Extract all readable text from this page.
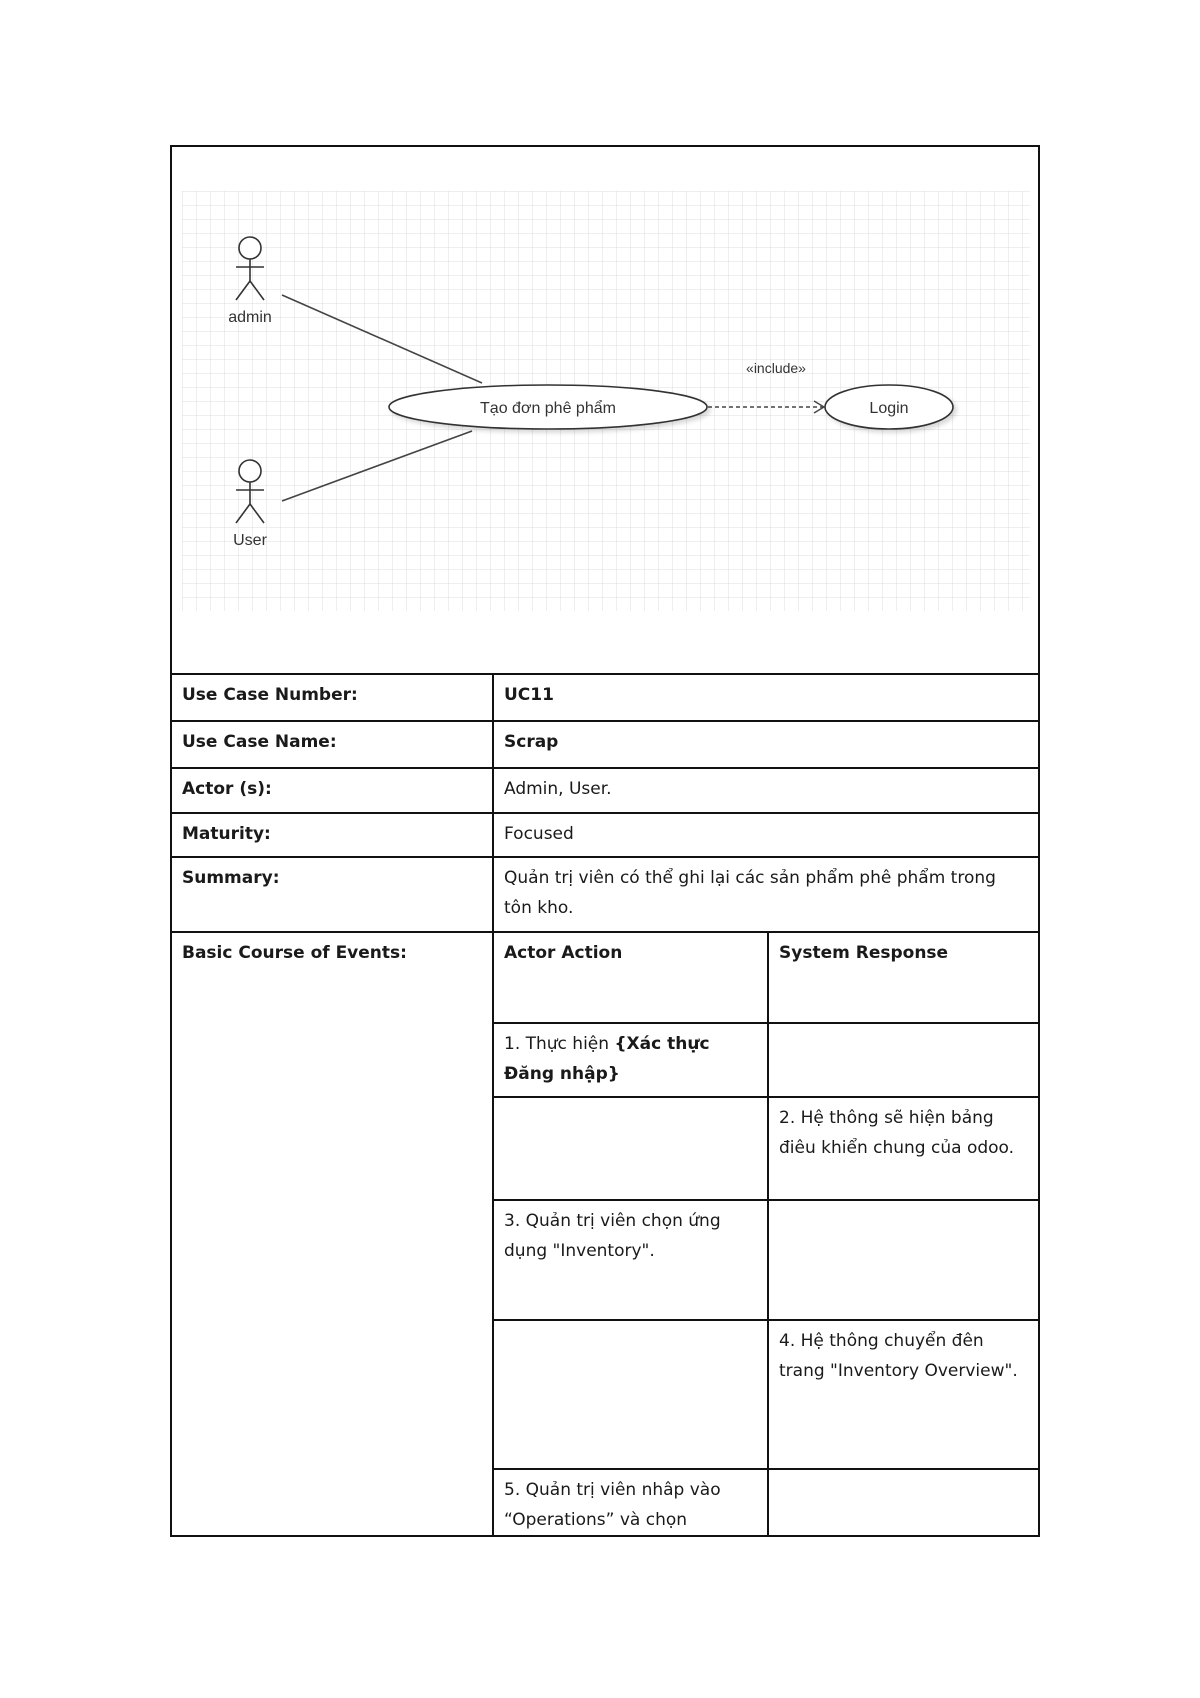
admin
User
«include»
Tạo đơn phê phẩm Login		

Use Case Number:	UC11	
Use Case Name:	Scrap	
Actor (s):	Admin, User.	
Maturity:	Focused	
Summary:	Quản trị viên có thể ghi lại các sản phẩm phê phẩm trong tôn kho.	
Basic Course of Events:	Actor Action	System Response
	1. Thực hiện {Xác thực Đăng nhập}	
		2. Hệ thông sẽ hiện bảng điêu khiển chung của odoo.
	3. Quản trị viên chọn ứng dụng "Inventory".	
		4. Hệ thông chuyển đên trang "Inventory Overview".
	5. Quản trị viên nhâp vào “Operations” và chọn	
